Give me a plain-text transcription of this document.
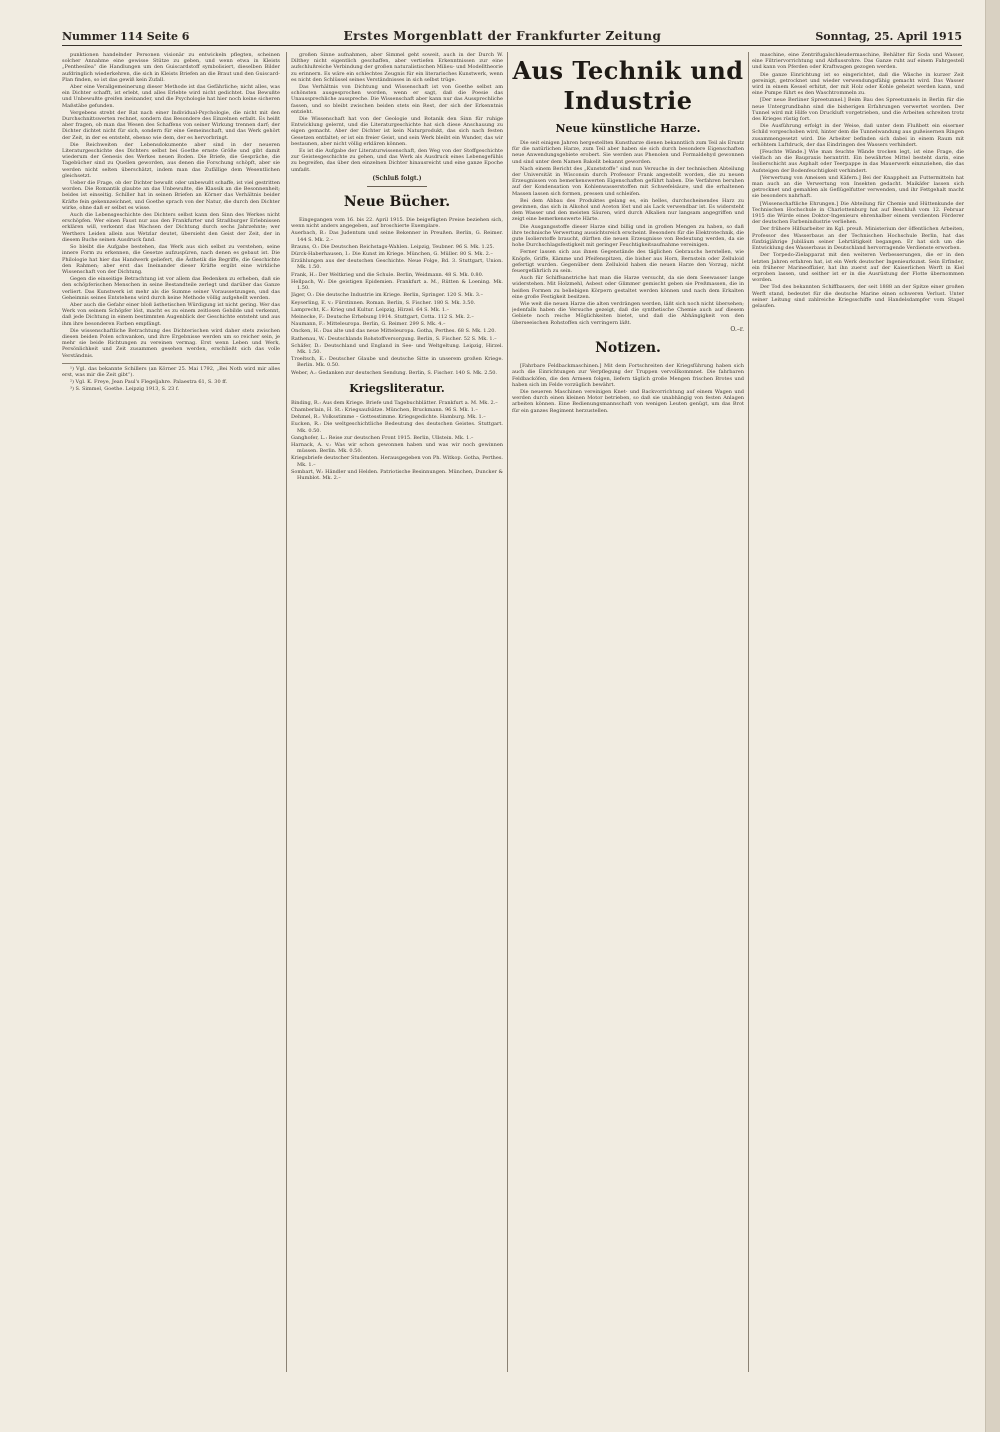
Nummer 114 Seite 6	Erstes Morgenblatt der Frankfurter Zeitung	Sonntag, 25. April 1915

punktionen handelnder Personen visionär zu entwickeln pflegten, scheinen solcher Annahme eine gewisse Stütze zu geben, und wenn etwa in Kleists „Penthesilea“ die Handlungen um den Guiscardstoff symbolisiert, dieselben Bilder aufdringlich wiederkehren, die sich in Kleists Briefen an die Braut und den Guiscard-Plan finden, so ist das gewiß kein Zufall.

Aber eine Verallgemeinerung dieser Methode ist das Gefährliche; nicht alles, was ein Dichter schafft, ist erlebt, und alles Erlebte wird nicht gedichtet. Das Bewußte und Unbewußte greifen ineinander, und die Psychologie hat hier noch keine sicheren Maßstäbe gefunden.

Vergebens strebt der Rat nach einer Individual-Psychologie, die nicht mit den Durchschnittswerten rechnet, sondern das Besondere des Einzelnen erfaßt. Es heißt aber fragen, ob man das Wesen des Schaffens von seiner Wirkung trennen darf; der Dichter dichtet nicht für sich, sondern für eine Gemeinschaft, und das Werk gehört der Zeit, in der es entsteht, ebenso wie dem, der es hervorbringt.

Die Reichweiten der Lebensdokumente aber sind in der neueren Literaturgeschichte des Dichters selbst bei Goethe ernste Größe und gibt damit wiederum der Genesis des Werkes neuen Boden. Die Briefe, die Gespräche, die Tagebücher sind zu Quellen geworden, aus denen die Forschung schöpft, aber sie werden nicht selten überschätzt, indem man das Zufällige dem Wesentlichen gleichsetzt.

Ueber die Frage, ob der Dichter bewußt oder unbewußt schaffe, ist viel gestritten worden. Die Romantik glaubte an das Unbewußte, die Klassik an die Besonnenheit; beides ist einseitig. Schiller hat in seinen Briefen an Körner das Verhältnis beider Kräfte fein gekennzeichnet, und Goethe sprach von der Natur, die durch den Dichter wirke, ohne daß er selbst es wisse.

Auch die Lebensgeschichte des Dichters selbst kann den Sinn des Werkes nicht erschöpfen. Wer einen Faust nur aus den Frankfurter und Straßburger Erlebnissen erklären will, verkennt das Wachsen der Dichtung durch sechs Jahrzehnte; wer Werthers Leiden allein aus Wetzlar deutet, übersieht den Geist der Zeit, der in diesem Buche seinen Ausdruck fand.

So bleibt die Aufgabe bestehen, das Werk aus sich selbst zu verstehen, seine innere Form zu erkennen, die Gesetze aufzuspüren, nach denen es gebaut ist. Die Philologie hat hier das Handwerk geliefert, die Ästhetik die Begriffe, die Geschichte den Rahmen; aber erst das Ineinander dieser Kräfte ergibt eine wirkliche Wissenschaft von der Dichtung.

Gegen die einseitige Betrachtung ist vor allem das Bedenken zu erheben, daß sie den schöpferischen Menschen in seine Bestandteile zerlegt und darüber das Ganze verliert. Das Kunstwerk ist mehr als die Summe seiner Voraussetzungen, und das Geheimnis seines Entstehens wird durch keine Methode völlig aufgehellt werden.

Aber auch die Gefahr einer bloß ästhetischen Würdigung ist nicht gering. Wer das Werk von seinem Schöpfer löst, macht es zu einem zeitlosen Gebilde und verkennt, daß jede Dichtung in einem bestimmten Augenblick der Geschichte entsteht und aus ihm ihre besonderen Farben empfängt.

Die wissenschaftliche Betrachtung des Dichterischen wird daher stets zwischen diesen beiden Polen schwanken, und ihre Ergebnisse werden um so reicher sein, je mehr sie beide Richtungen zu vereinen vermag. Erst wenn Leben und Werk, Persönlichkeit und Zeit zusammen gesehen werden, erschließt sich das volle Verständnis.

¹) Vgl. das bekannte Schillers (an Körner 25. Mai 1792, „Bei Noth wird mir alles erst, was mir die Zeit gibt“).

²) Vgl. K. Freye, Jean Paul's Flegeljahre. Palaestra 61, S. 30 ff.

³) S. Simmel, Goethe. Leipzig 1913, S. 23 f.

großen Sinne aufnahmen, aber Simmel geht soweit, auch in der Durch W. Dilthey nicht eigentlich geschaffen, aber vertiefen Erkenntnissen zur eine aufschlußreiche Verbindung der großen naturalistischen Milieu- und Modelltheorie zu erinnern. Es wäre ein schlechtes Zeugnis für ein literarisches Kunstwerk, wenn es nicht den Schlüssel seines Verständnisses in sich selbst trüge.

Das Verhältnis von Dichtung und Wissenschaft ist von Goethe selbst am schönsten ausgesprochen worden, wenn er sagt, daß die Poesie das Unaussprechliche ausspreche. Die Wissenschaft aber kann nur das Aussprechliche fassen, und so bleibt zwischen beiden stets ein Rest, der sich der Erkenntnis entzieht.

Die Wissenschaft hat von der Geologie und Botanik den Sinn für ruhige Entwicklung gelernt, und die Literaturgeschichte hat sich diese Anschauung zu eigen gemacht. Aber der Dichter ist kein Naturprodukt, das sich nach festen Gesetzen entfaltet; er ist ein freier Geist, und sein Werk bleibt ein Wunder, das wir bestaunen, aber nicht völlig erklären können.

Es ist die Aufgabe der Literaturwissenschaft, den Weg von der Stoffgeschichte zur Geistesgeschichte zu gehen, und das Werk als Ausdruck eines Lebensgefühls zu begreifen, das über den einzelnen Dichter hinausreicht und eine ganze Epoche umfaßt.

(Schluß folgt.)
Neue Bücher.

Eingegangen vom 16. bis 22. April 1915. Die beigefügten Preise beziehen sich, wenn nicht anders angegeben, auf broschierte Exemplare.

Auerbach, B.: Das Judentum und seine Bekenner in Preußen. Berlin, G. Reimer. 144 S. Mk. 2.–

Brauns, O.: Die Deutschen Reichstags-Wahlen. Leipzig, Teubner. 96 S. Mk. 1.25.

Dürck-Haberhausen, I.: Die Kunst im Kriege. München, G. Müller. 80 S. Mk. 2.–

Erzählungen aus der deutschen Geschichte. Neue Folge, Bd. 3. Stuttgart, Union. Mk. 1.50.

Frank, H.: Der Weltkrieg und die Schule. Berlin, Weidmann. 48 S. Mk. 0.80.

Hellpach, W.: Die geistigen Epidemien. Frankfurt a. M., Rütten & Loening. Mk. 1.50.

Jäger, O.: Die deutsche Industrie im Kriege. Berlin, Springer. 120 S. Mk. 3.–

Keyserling, E. v.: Fürstinnen. Roman. Berlin, S. Fischer. 180 S. Mk. 3.50.

Lamprecht, K.: Krieg und Kultur. Leipzig, Hirzel. 64 S. Mk. 1.–

Meinecke, F.: Deutsche Erhebung 1914. Stuttgart, Cotta. 112 S. Mk. 2.–

Naumann, F.: Mitteleuropa. Berlin, G. Reimer. 299 S. Mk. 4.–

Oncken, H.: Das alte und das neue Mitteleuropa. Gotha, Perthes. 68 S. Mk. 1.20.

Rathenau, W.: Deutschlands Rohstoffversorgung. Berlin, S. Fischer. 52 S. Mk. 1.–

Schäfer, D.: Deutschland und England in See- und Weltgeltung. Leipzig, Hirzel. Mk. 1.50.

Troeltsch, E.: Deutscher Glaube und deutsche Sitte in unserem großen Kriege. Berlin. Mk. 0.50.

Weber, A.: Gedanken zur deutschen Sendung. Berlin, S. Fischer. 140 S. Mk. 2.50.

Kriegsliteratur.

Binding, R.: Aus dem Kriege. Briefe und Tagebuchblätter. Frankfurt a. M. Mk. 2.–

Chamberlain, H. St.: Kriegsaufsätze. München, Bruckmann. 96 S. Mk. 1.–

Dehmel, R.: Volksstimme – Gottesstimme. Kriegsgedichte. Hamburg. Mk. 1.–

Eucken, R.: Die weltgeschichtliche Bedeutung des deutschen Geistes. Stuttgart. Mk. 0.50.

Ganghofer, L.: Reise zur deutschen Front 1915. Berlin, Ullstein. Mk. 1.–

Harnack, A. v.: Was wir schon gewonnen haben und was wir noch gewinnen müssen. Berlin. Mk. 0.50.

Kriegsbriefe deutscher Studenten. Herausgegeben von Ph. Witkop. Gotha, Perthes. Mk. 1.–

Sombart, W.: Händler und Helden. Patriotische Besinnungen. München, Duncker & Humblot. Mk. 2.–

Aus Technik und Industrie
Neue künstliche Harze.

Die seit einigen Jahren hergestellten Kunstharze dienen bekanntlich zum Teil als Ersatz für die natürlichen Harze, zum Teil aber haben sie sich durch besondere Eigenschaften neue Anwendungsgebiete erobert. Sie werden aus Phenolen und Formaldehyd gewonnen und sind unter dem Namen Bakelit bekannt geworden.

Nach einem Bericht des „Kunststoffe“ sind nun Versuche in der technischen Abteilung der Universität in Wisconsin durch Professor Frank angestellt worden, die zu neuen Erzeugnissen von bemerkenswerten Eigenschaften geführt haben. Die Verfahren beruhen auf der Kondensation von Kohlenwasserstoffen mit Schwefelsäure, und die erhaltenen Massen lassen sich formen, pressen und schleifen.

Bei dem Abbau des Produktes gelang es, ein helles, durchscheinendes Harz zu gewinnen, das sich in Alkohol und Aceton löst und als Lack verwendbar ist. Es widersteht dem Wasser und den meisten Säuren, wird durch Alkalien nur langsam angegriffen und zeigt eine bemerkenswerte Härte.

Die Ausgangsstoffe dieser Harze sind billig und in großen Mengen zu haben, so daß ihre technische Verwertung aussichtsreich erscheint. Besonders für die Elektrotechnik, die gute Isolierstoffe braucht, dürften die neuen Erzeugnisse von Bedeutung werden, da sie hohe Durchschlagsfestigkeit mit geringer Feuchtigkeitsaufnahme vereinigen.

Ferner lassen sich aus ihnen Gegenstände des täglichen Gebrauchs herstellen, wie Knöpfe, Griffe, Kämme und Pfeifenspitzen, die bisher aus Horn, Bernstein oder Zelluloid gefertigt wurden. Gegenüber dem Zelluloid haben die neuen Harze den Vorzug, nicht feuergefährlich zu sein.

Auch für Schiffsanstriche hat man die Harze versucht, da sie dem Seewasser lange widerstehen. Mit Holzmehl, Asbest oder Glimmer gemischt geben sie Preßmassen, die in heißen Formen zu beliebigen Körpern gestaltet werden können und nach dem Erkalten eine große Festigkeit besitzen.

Wie weit die neuen Harze die alten verdrängen werden, läßt sich noch nicht übersehen; jedenfalls haben die Versuche gezeigt, daß die synthetische Chemie auch auf diesem Gebiete noch reiche Möglichkeiten bietet, und daß die Abhängigkeit von den überseeischen Rohstoffen sich verringern läßt.

O.–r.
Notizen.

[Fahrbare Feldbackmaschinen.] Mit dem Fortschreiten der Kriegsführung haben sich auch die Einrichtungen zur Verpflegung der Truppen vervollkommnet. Die fahrbaren Feldbacköfen, die den Armeen folgen, liefern täglich große Mengen frischen Brotes und haben sich im Felde vorzüglich bewährt.

Die neueren Maschinen vereinigen Knet- und Backvorrichtung auf einem Wagen und werden durch einen kleinen Motor betrieben, so daß sie unabhängig von festen Anlagen arbeiten können. Eine Bedienungsmannschaft von wenigen Leuten genügt, um das Brot für ein ganzes Regiment herzustellen.

maschine, eine Zentrifugalschleudermaschine, Behälter für Soda und Wasser, eine Filtriervorrichtung und Abflussrohre. Das Ganze ruht auf einem Fahrgestell und kann von Pferden oder Kraftwagen gezogen werden.

Die ganze Einrichtung ist so eingerichtet, daß die Wäsche in kurzer Zeit gereinigt, getrocknet und wieder verwendungsfähig gemacht wird. Das Wasser wird in einem Kessel erhitzt, der mit Holz oder Kohle geheizt werden kann, und eine Pumpe führt es den Waschtrommeln zu.

[Der neue Berliner Spreetunnel.] Beim Bau des Spreetunnels in Berlin für die neue Untergrundbahn sind die bisherigen Erfahrungen verwertet worden. Der Tunnel wird mit Hilfe von Druckluft vorgetrieben, und die Arbeiten schreiten trotz des Krieges rüstig fort.

Die Ausführung erfolgt in der Weise, daß unter dem Flußbett ein eiserner Schild vorgeschoben wird, hinter dem die Tunnelwandung aus gußeisernen Ringen zusammengesetzt wird. Die Arbeiter befinden sich dabei in einem Raum mit erhöhtem Luftdruck, der das Eindringen des Wassers verhindert.

[Feuchte Wände.] Wie man feuchte Wände trocken legt, ist eine Frage, die vielfach an die Baupraxis herantritt. Ein bewährtes Mittel besteht darin, eine Isolierschicht aus Asphalt oder Teerpappe in das Mauerwerk einzuziehen, die das Aufsteigen der Bodenfeuchtigkeit verhindert.

[Verwertung von Ameisen und Käfern.] Bei der Knappheit an Futtermitteln hat man auch an die Verwertung von Insekten gedacht. Maikäfer lassen sich getrocknet und gemahlen als Geflügelfutter verwenden, und ihr Fettgehalt macht sie besonders nahrhaft.

[Wissenschaftliche Ehrungen.] Die Abteilung für Chemie und Hüttenkunde der Technischen Hochschule in Charlottenburg hat auf Beschluß vom 12. Februar 1915 die Würde eines Doktor-Ingenieurs ehrenhalber einem verdienten Förderer der deutschen Farbenindustrie verliehen.

Der frühere Hilfsarbeiter im Kgl. preuß. Ministerium der öffentlichen Arbeiten, Professor des Wasserbaus an der Technischen Hochschule Berlin, hat das fünfzigjährige Jubiläum seiner Lehrtätigkeit begangen. Er hat sich um die Entwicklung des Wasserbaus in Deutschland hervorragende Verdienste erworben.

Der Torpedo-Zielapparat mit den weiteren Verbesserungen, die er in den letzten Jahren erfahren hat, ist ein Werk deutscher Ingenieurkunst. Sein Erfinder, ein früherer Marineoffizier, hat ihn zuerst auf der Kaiserlichen Werft in Kiel erproben lassen, und seither ist er in die Ausrüstung der Flotte übernommen worden.

Der Tod des bekannten Schiffbauers, der seit 1888 an der Spitze einer großen Werft stand, bedeutet für die deutsche Marine einen schweren Verlust. Unter seiner Leitung sind zahlreiche Kriegsschiffe und Handelsdampfer vom Stapel gelaufen.
